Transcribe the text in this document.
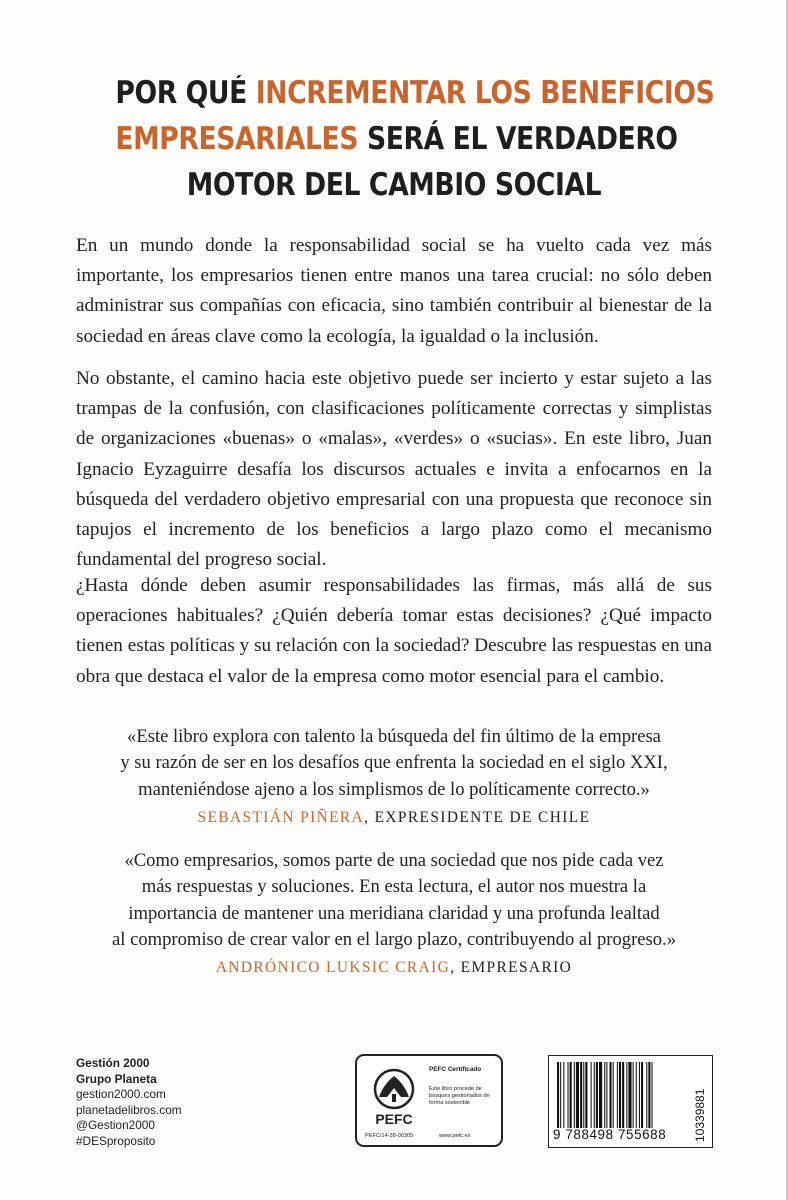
POR QUÉ INCREMENTAR LOS BENEFICIOS
EMPRESARIALES SERÁ EL VERDADERO
MOTOR DEL CAMBIO SOCIAL
En un mundo donde la responsabilidad social se ha vuelto cada vez más importante, los empresarios tienen entre manos una tarea crucial: no sólo deben administrar sus compañías con eficacia, sino también contribuir al bienestar de la sociedad en áreas clave como la ecología, la igualdad o la inclusión.
No obstante, el camino hacia este objetivo puede ser incierto y estar sujeto a las trampas de la confusión, con clasificaciones políticamente correctas y simplistas de organizaciones «buenas» o «malas», «verdes» o «sucias». En este libro, Juan Ignacio Eyzaguirre desafía los discursos actuales e invita a enfocarnos en la búsqueda del verdadero objetivo empresarial con una propuesta que reconoce sin tapujos el incremento de los beneficios a largo plazo como el mecanismo fundamental del progreso social.
¿Hasta dónde deben asumir responsabilidades las firmas, más allá de sus operaciones habituales? ¿Quién debería tomar estas decisiones? ¿Qué impacto tienen estas políticas y su relación con la sociedad? Descubre las respuestas en una obra que destaca el valor de la empresa como motor esencial para el cambio.
«Este libro explora con talento la búsqueda del fin último de la empresa
y su razón de ser en los desafíos que enfrenta la sociedad en el siglo XXI,
manteniéndose ajeno a los simplismos de lo políticamente correcto.»
SEBASTIÁN PIÑERA, EXPRESIDENTE DE CHILE
«Como empresarios, somos parte de una sociedad que nos pide cada vez
más respuestas y soluciones. En esta lectura, el autor nos muestra la
importancia de mantener una meridiana claridad y una profunda lealtad
al compromiso de crear valor en el largo plazo, contribuyendo al progreso.»
ANDRÓNICO LUKSIC CRAIG, EMPRESARIO
Gestión 2000
Grupo Planeta
gestion2000.com
planetadelibros.com
@Gestion2000
#DESproposito
PEFC
PEFC Certificado
Este libro procede de bosques gestionados de forma sostenible
PEFC/14-38-00305	www.pefc.es	9 788498 755688	10339881
